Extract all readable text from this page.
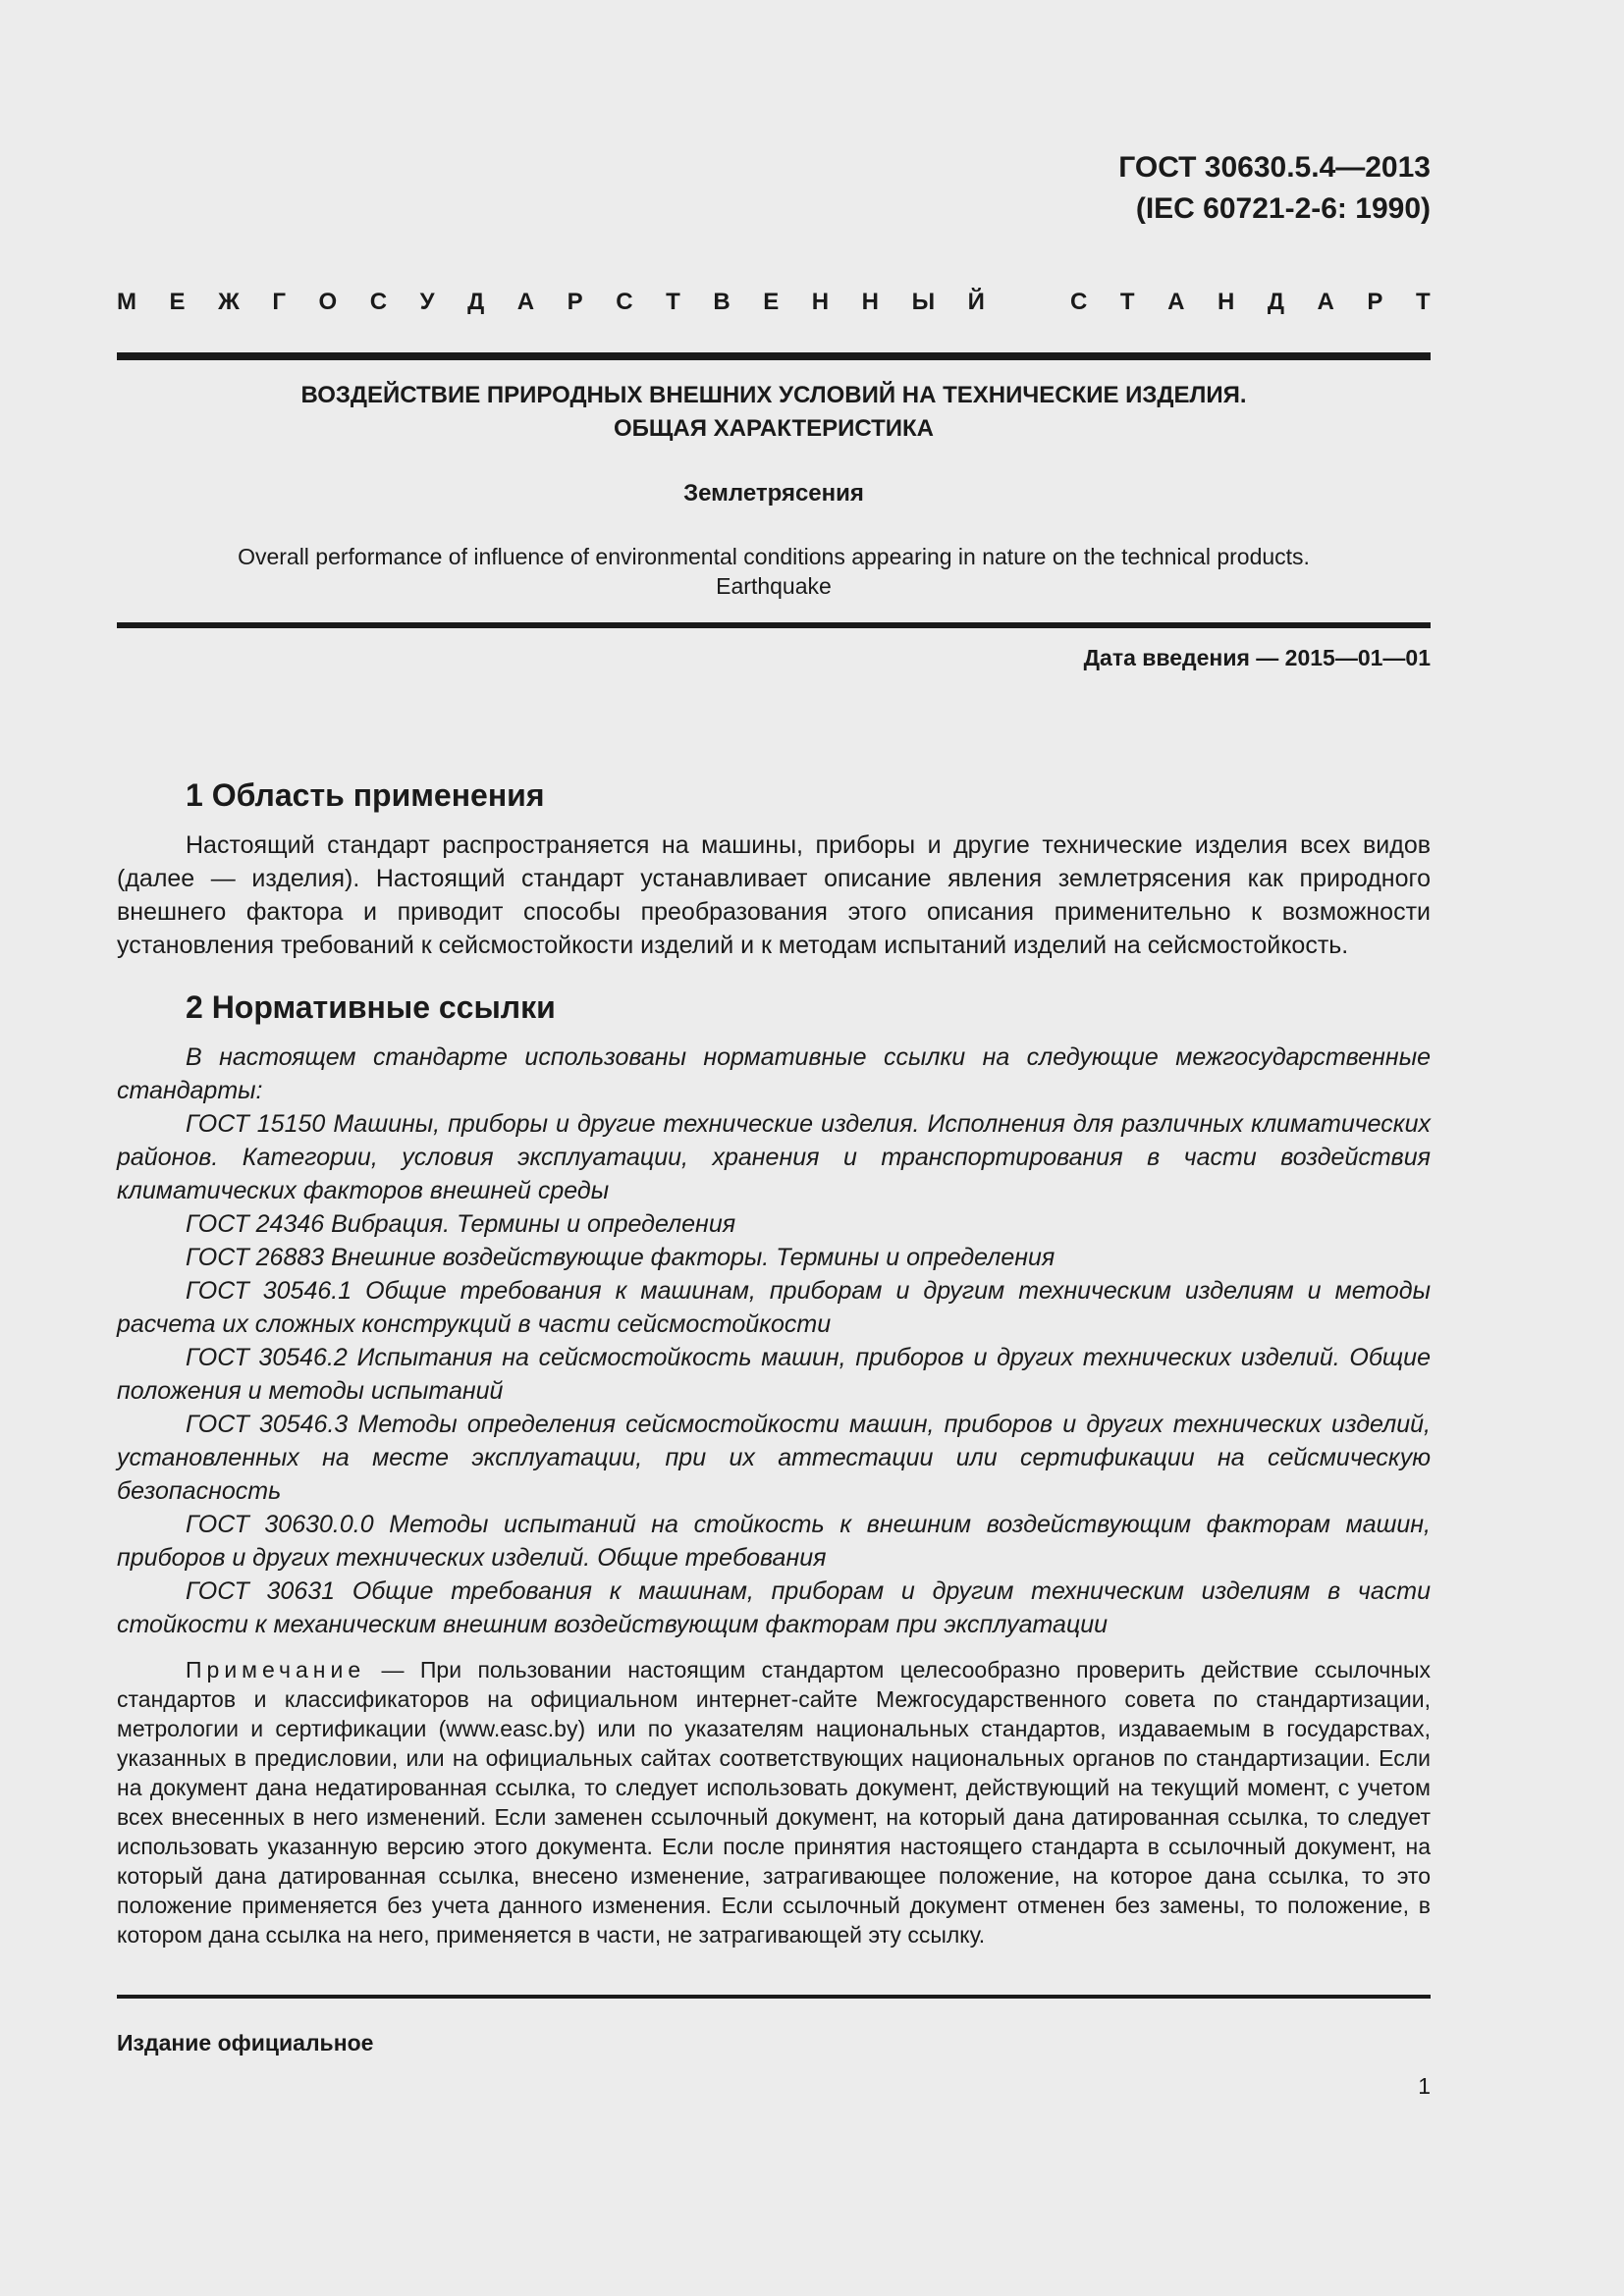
ГОСТ 30630.5.4—2013
(IEC 60721-2-6: 1990)
М Е Ж Г О С У Д А Р С Т В Е Н Н Ы Й	С Т А Н Д А Р Т
ВОЗДЕЙСТВИЕ ПРИРОДНЫХ ВНЕШНИХ УСЛОВИЙ НА ТЕХНИЧЕСКИЕ ИЗДЕЛИЯ.
ОБЩАЯ ХАРАКТЕРИСТИКА
Землетрясения
Overall performance of influence of environmental conditions appearing in nature on the technical products.
Earthquake
Дата введения — 2015—01—01
1 Область применения

Настоящий стандарт распространяется на машины, приборы и другие технические изделия всех видов (далее — изделия). Настоящий стандарт устанавливает описание явления землетрясения как природного внешнего фактора и приводит способы преобразования этого описания применительно к возможности установления требований к сейсмостойкости изделий и к методам испытаний изделий на сейсмостойкость.

2 Нормативные ссылки

В настоящем стандарте использованы нормативные ссылки на следующие межгосударственные стандарты:

ГОСТ 15150 Машины, приборы и другие технические изделия. Исполнения для различных климатических районов. Категории, условия эксплуатации, хранения и транспортирования в части воздействия климатических факторов внешней среды

ГОСТ 24346 Вибрация. Термины и определения

ГОСТ 26883 Внешние воздействующие факторы. Термины и определения

ГОСТ 30546.1 Общие требования к машинам, приборам и другим техническим изделиям и методы расчета их сложных конструкций в части сейсмостойкости

ГОСТ 30546.2 Испытания на сейсмостойкость машин, приборов и других технических изделий. Общие положения и методы испытаний

ГОСТ 30546.3 Методы определения сейсмостойкости машин, приборов и других технических изделий, установленных на месте эксплуатации, при их аттестации или сертификации на сейсмическую безопасность

ГОСТ 30630.0.0 Методы испытаний на стойкость к внешним воздействующим факторам машин, приборов и других технических изделий. Общие требования

ГОСТ 30631 Общие требования к машинам, приборам и другим техническим изделиям в части стойкости к механическим внешним воздействующим факторам при эксплуатации

Примечание — При пользовании настоящим стандартом целесообразно проверить действие ссылочных стандартов и классификаторов на официальном интернет-сайте Межгосударственного совета по стандартизации, метрологии и сертификации (www.easc.by) или по указателям национальных стандартов, издаваемым в государствах, указанных в предисловии, или на официальных сайтах соответствующих национальных органов по стандартизации. Если на документ дана недатированная ссылка, то следует использовать документ, действующий на текущий момент, с учетом всех внесенных в него изменений. Если заменен ссылочный документ, на который дана датированная ссылка, то следует использовать указанную версию этого документа. Если после принятия настоящего стандарта в ссылочный документ, на который дана датированная ссылка, внесено изменение, затрагивающее положение, на которое дана ссылка, то это положение применяется без учета данного изменения. Если ссылочный документ отменен без замены, то положение, в котором дана ссылка на него, применяется в части, не затрагивающей эту ссылку.

Издание официальное
1
